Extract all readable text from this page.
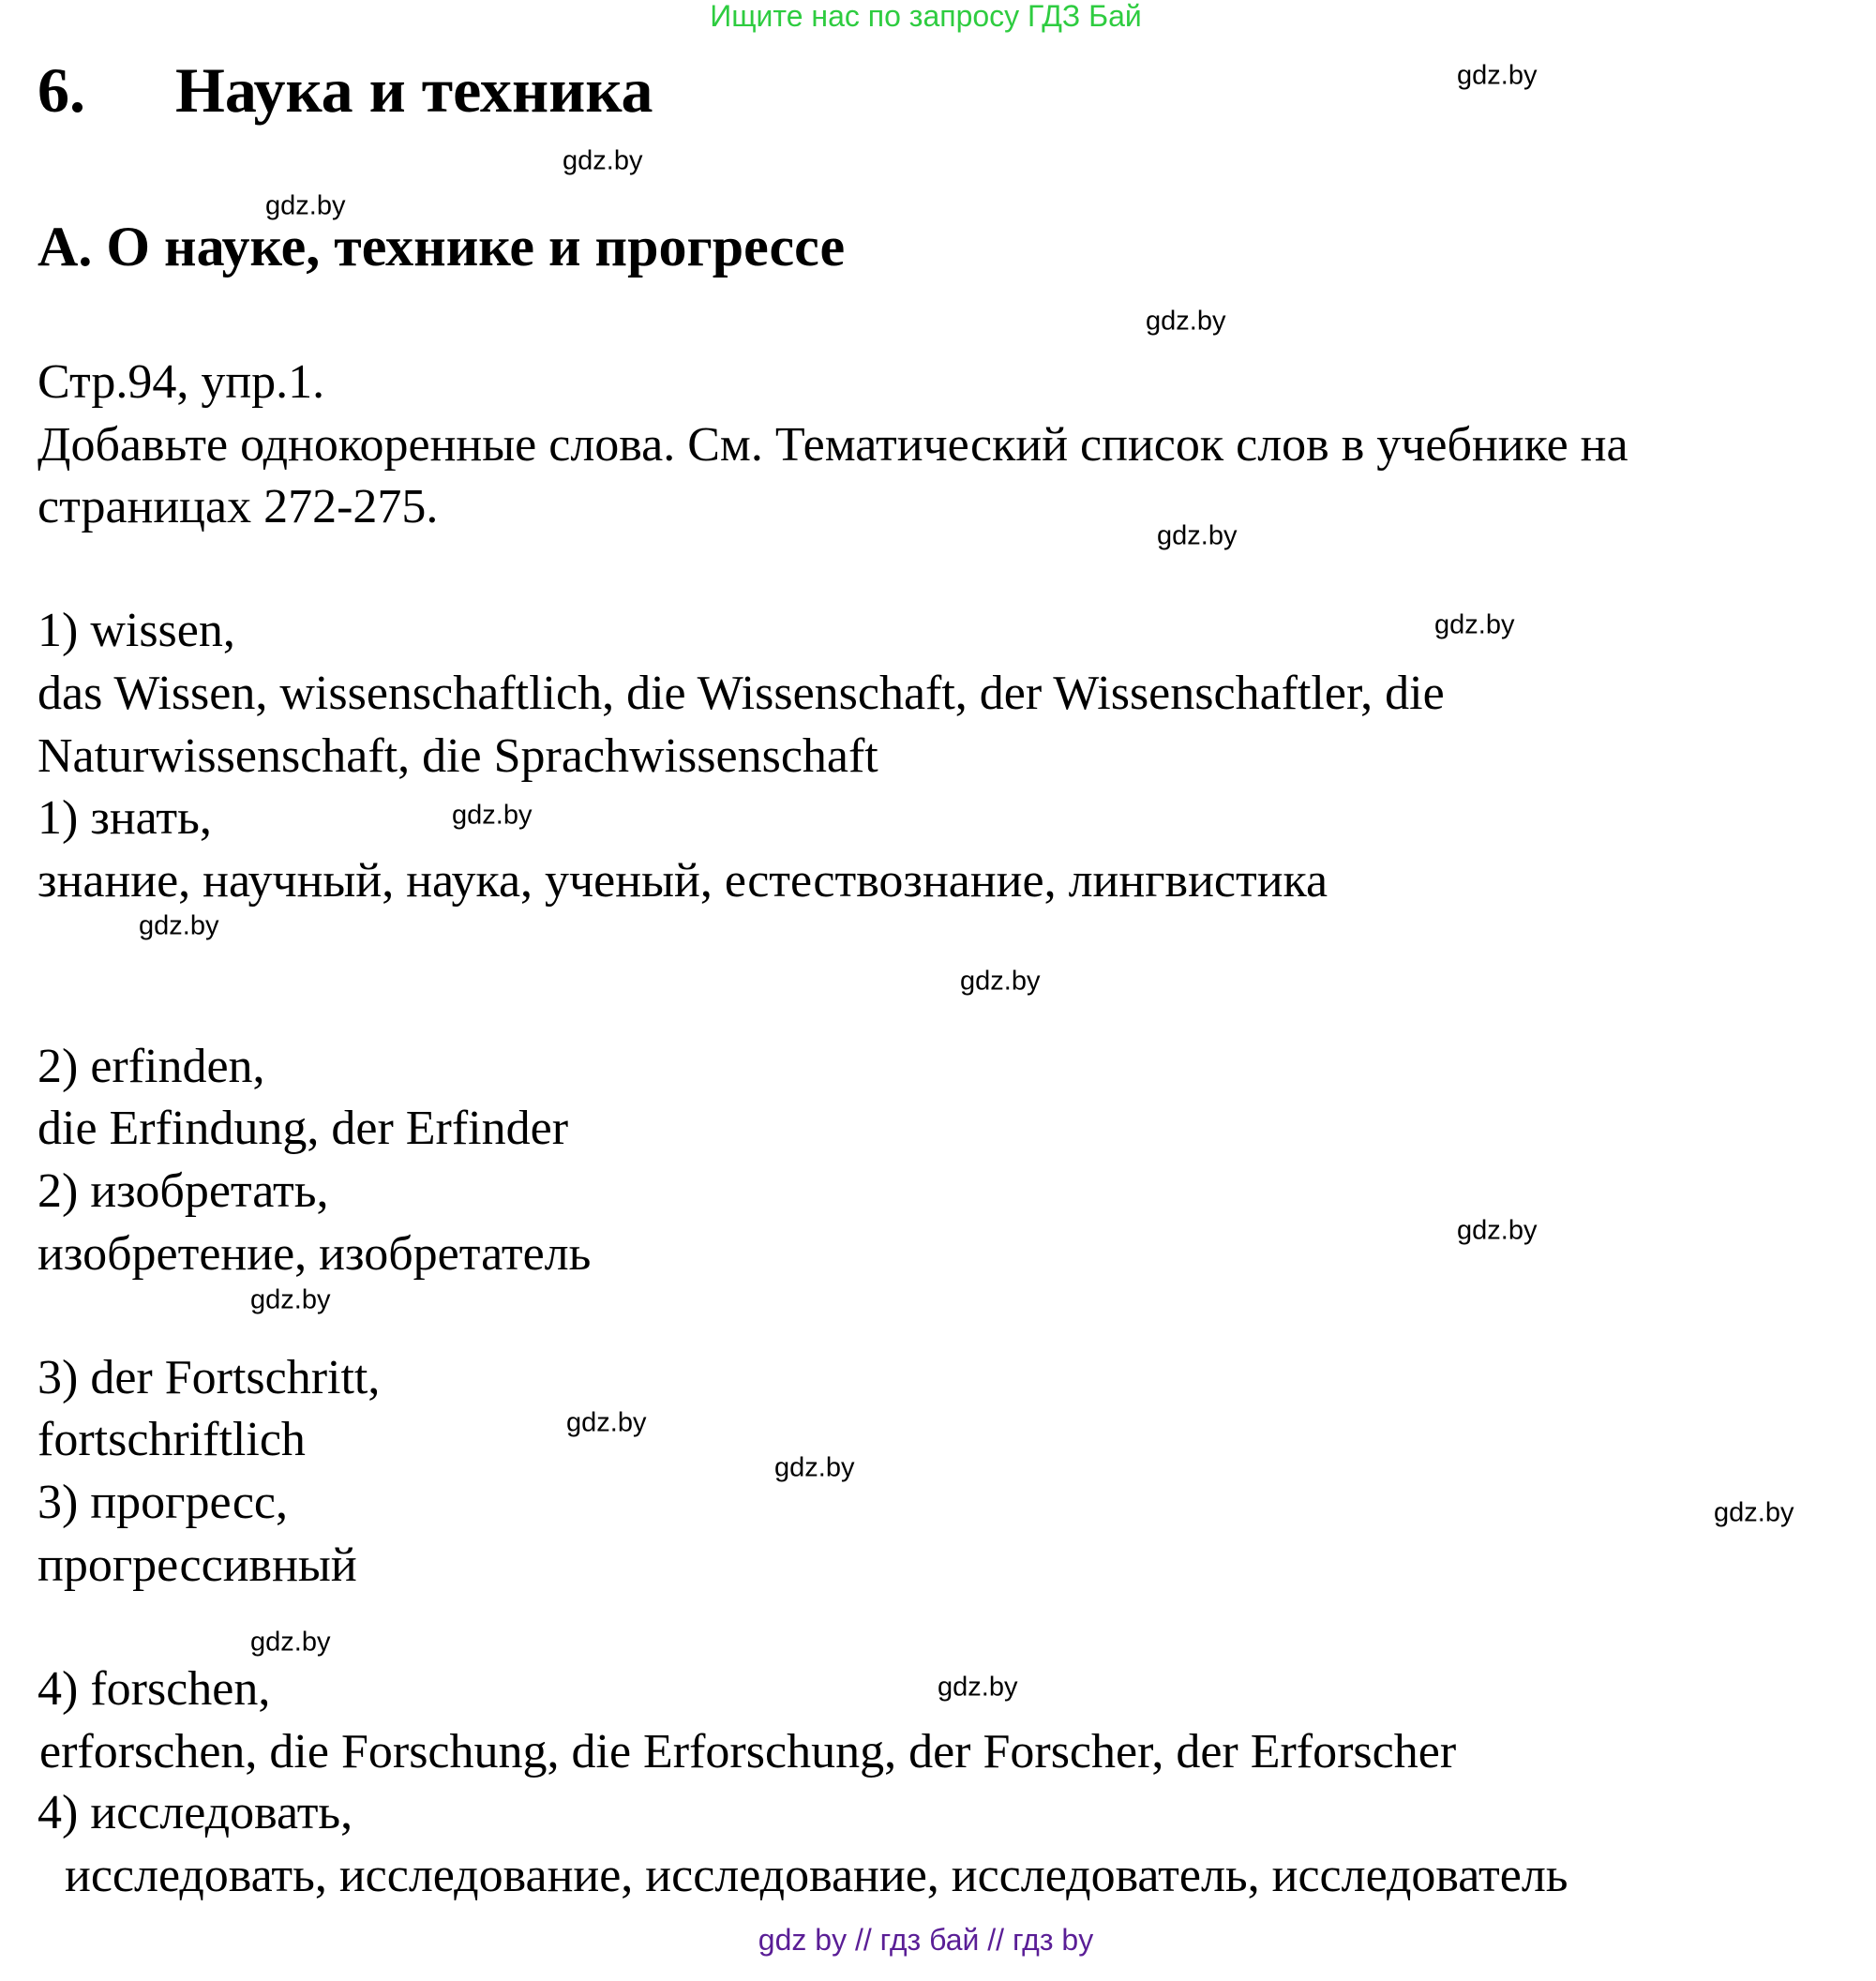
Ищите нас по запросу ГДЗ Бай
6. Наука и техника
A. О науке, технике и прогрессе
Стр.94, упр.1.
Добавьте однокоренные слова. См. Тематический список слов в учебнике на
страницах 272-275.
1) wissen,
das Wissen, wissenschaftlich, die Wissenschaft, der Wissenschaftler, die
Naturwissenschaft, die Sprachwissenschaft
1) знать,
знание, научный, наука, ученый, естествознание, лингвистика
2) erfinden,
die Erfindung, der Erfinder
2) изобретать,
изобретение, изобретатель
3) der Fortschritt,
fortschriftlich
3) прогресс,
прогрессивный
4) forschen,
erforschen, die Forschung, die Erforschung, der Forscher, der Erforscher
4) исследовать,
исследовать, исследование, исследование, исследователь, исследователь
gdz.by
gdz.by
gdz.by
gdz.by
gdz.by
gdz.by
gdz.by
gdz.by
gdz.by
gdz.by
gdz.by
gdz.by
gdz.by
gdz.by
gdz.by
gdz.by
gdz by // гдз бай // гдз by
